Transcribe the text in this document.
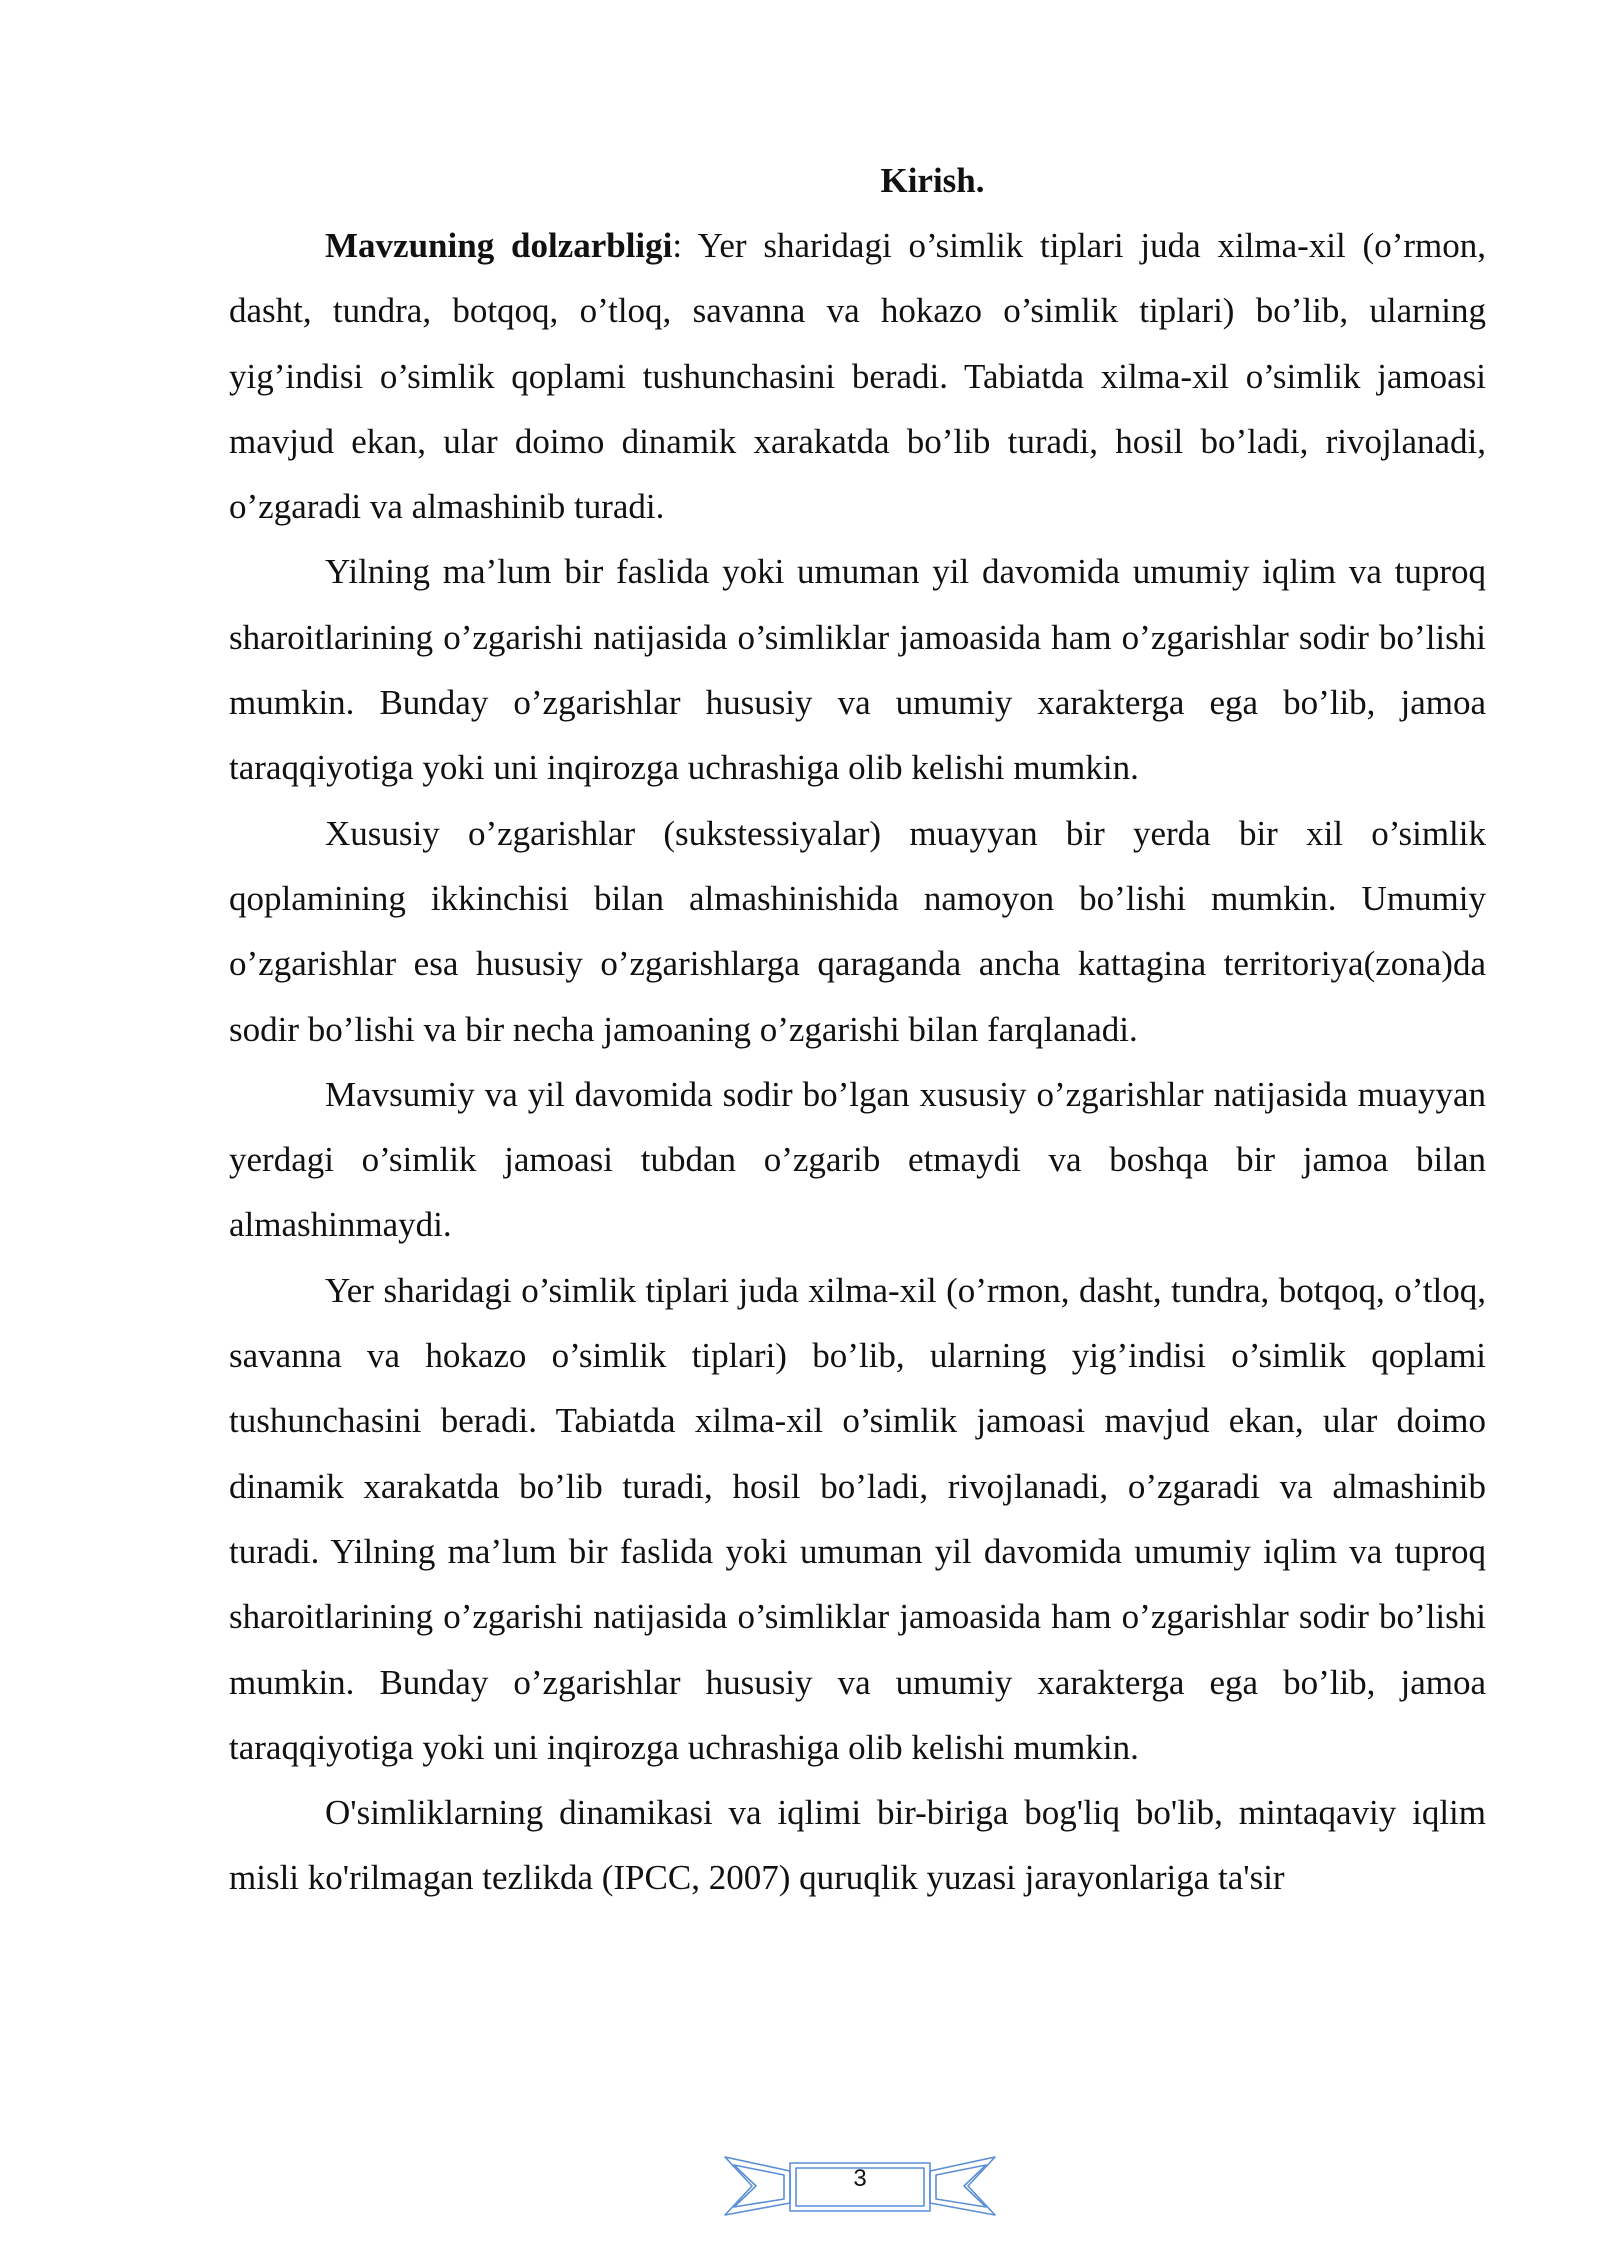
Kirish.

Mavzuning dolzarbligi: Yer sharidagi o’simlik tiplari juda xilma-xil (o’rmon, dasht, tundra, botqoq, o’tloq, savanna va hokazo o’simlik tiplari) bo’lib, ularning yig’indisi o’simlik qoplami tushunchasini beradi. Tabiatda xilma-xil o’simlik jamoasi mavjud ekan, ular doimo dinamik xarakatda bo’lib turadi, hosil bo’ladi, rivojlanadi, o’zgaradi va almashinib turadi.

Yilning ma’lum bir faslida yoki umuman yil davomida umumiy iqlim va tuproq sharoitlarining o’zgarishi natijasida o’simliklar jamoasida ham o’zgarishlar sodir bo’lishi mumkin. Bunday o’zgarishlar hususiy va umumiy xarakterga ega bo’lib, jamoa taraqqiyotiga yoki uni inqirozga uchrashiga olib kelishi mumkin.

Xususiy o’zgarishlar (sukstessiyalar) muayyan bir yerda bir xil o’simlik qoplamining ikkinchisi bilan almashinishida namoyon bo’lishi mumkin. Umumiy o’zgarishlar esa hususiy o’zgarishlarga qaraganda ancha kattagina territoriya(zona)da sodir bo’lishi va bir necha jamoaning o’zgarishi bilan farqlanadi.

Mavsumiy va yil davomida sodir bo’lgan xususiy o’zgarishlar natijasida muayyan yerdagi o’simlik jamoasi tubdan o’zgarib etmaydi va boshqa bir jamoa bilan almashinmaydi.

Yer sharidagi o’simlik tiplari juda xilma-xil (o’rmon, dasht, tundra, botqoq, o’tloq, savanna va hokazo o’simlik tiplari) bo’lib, ularning yig’indisi o’simlik qoplami tushunchasini beradi. Tabiatda xilma-xil o’simlik jamoasi mavjud ekan, ular doimo dinamik xarakatda bo’lib turadi, hosil bo’ladi, rivojlanadi, o’zgaradi va almashinib turadi. Yilning ma’lum bir faslida yoki umuman yil davomida umumiy iqlim va tuproq sharoitlarining o’zgarishi natijasida o’simliklar jamoasida ham o’zgarishlar sodir bo’lishi mumkin. Bunday o’zgarishlar hususiy va umumiy xarakterga ega bo’lib, jamoa taraqqiyotiga yoki uni inqirozga uchrashiga olib kelishi mumkin.

O'simliklarning dinamikasi va iqlimi bir-biriga bog'liq bo'lib, mintaqaviy iqlim misli ko'rilmagan tezlikda (IPCC, 2007) quruqlik yuzasi jarayonlariga ta'sir

3
